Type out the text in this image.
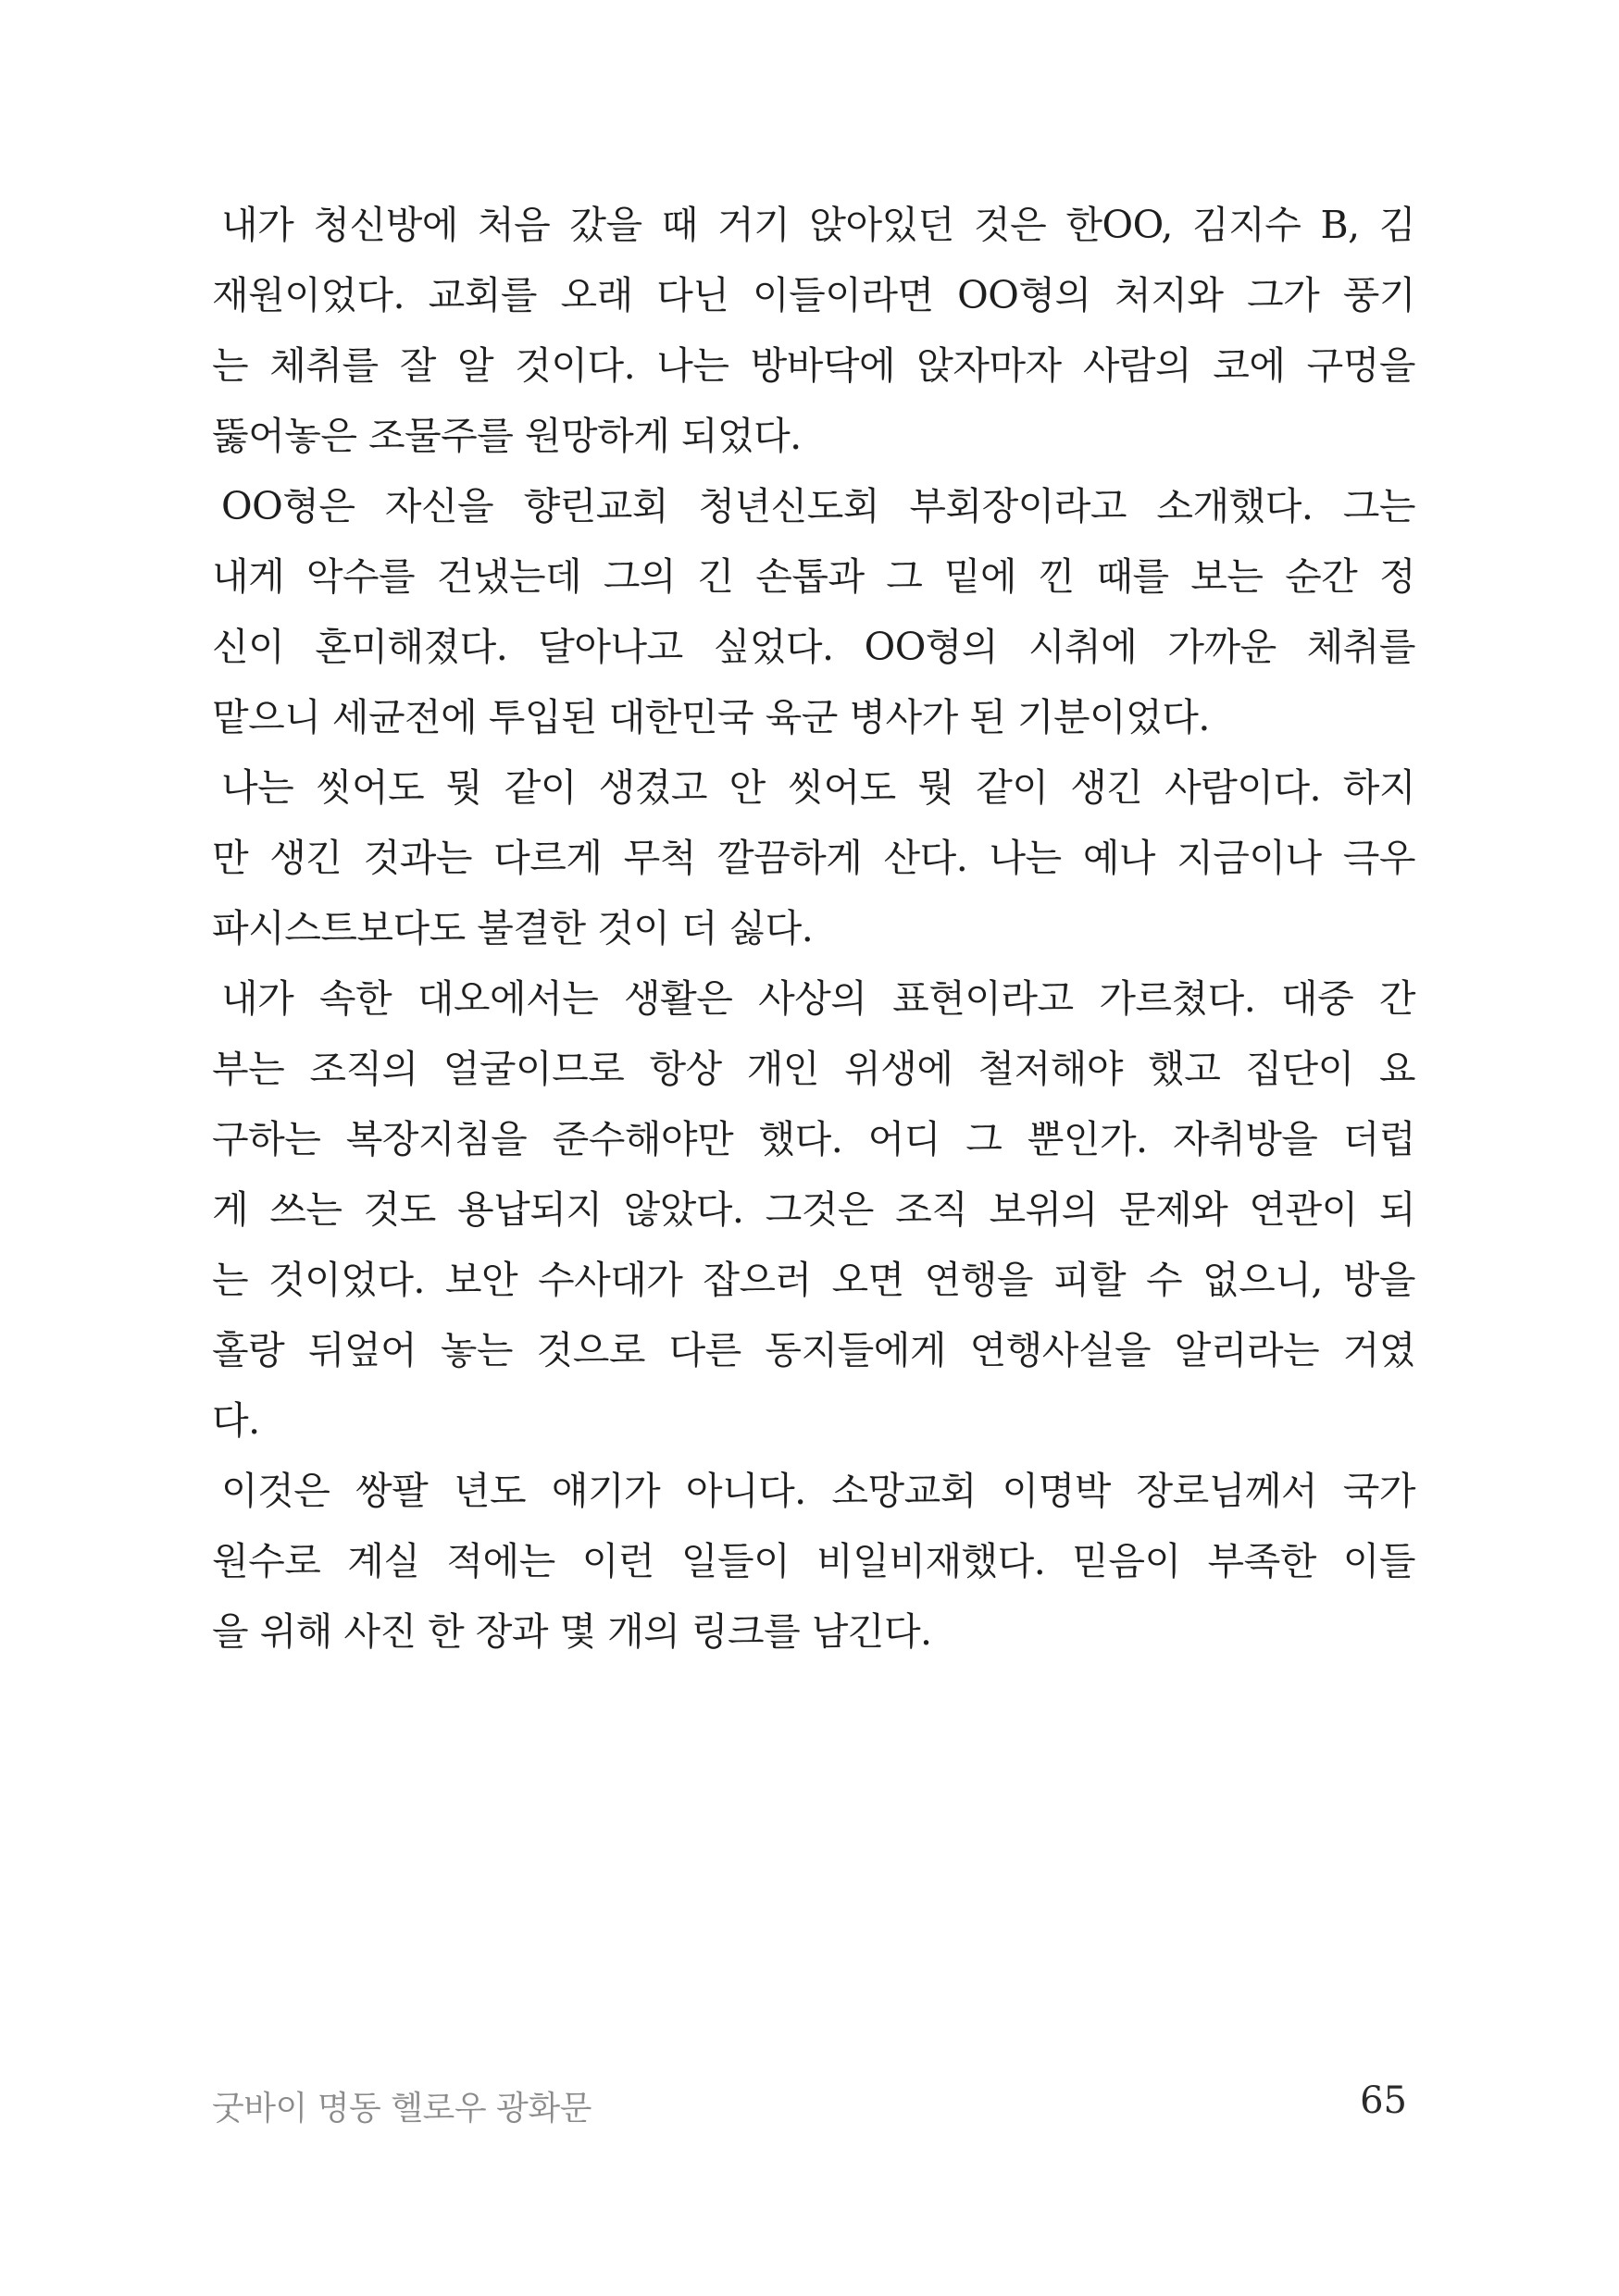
내가 청신방에 처음 갔을 때 거기 앉아있던 것은 한OO, 김지수 B, 김
재원이었다. 교회를 오래 다닌 이들이라면 OO형의 처지와 그가 풍기
는 체취를 잘 알 것이다. 나는 방바닥에 앉자마자 사람의 코에 구멍을
뚫어놓은 조물주를 원망하게 되었다.
OO형은 자신을 향린교회 청년신도회 부회장이라고 소개했다. 그는
내게 악수를 건냈는데 그의 긴 손톱과 그 밑에 낀 때를 보는 순간 정
신이 혼미해졌다. 달아나고 싶었다. OO형의 시취에 가까운 체취를
맡으니 세균전에 투입된 대한민국 육군 병사가 된 기분이었다.
나는 씻어도 뭣 같이 생겼고 안 씻어도 뭣 같이 생긴 사람이다. 하지
만 생긴 것과는 다르게 무척 깔끔하게 산다. 나는 예나 지금이나 극우
파시스트보다도 불결한 것이 더 싫다.
내가 속한 대오에서는 생활은 사상의 표현이라고 가르쳤다. 대중 간
부는 조직의 얼굴이므로 항상 개인 위생에 철저해야 했고 집단이 요
구하는 복장지침을 준수해야만 했다. 어디 그 뿐인가. 자취방을 더럽
게 쓰는 것도 용납되지 않았다. 그것은 조직 보위의 문제와 연관이 되
는 것이었다. 보안 수사대가 잡으러 오면 연행을 피할 수 없으니, 방을
홀랑 뒤엎어 놓는 것으로 다른 동지들에게 연행사실을 알리라는 거였
다.
이것은 쌍팔 년도 얘기가 아니다. 소망교회 이명박 장로님께서 국가
원수로 계실 적에는 이런 일들이 비일비재했다. 믿음이 부족한 이들
을 위해 사진 한 장과 몇 개의 링크를 남긴다.
굿바이 명동 헬로우 광화문	65
